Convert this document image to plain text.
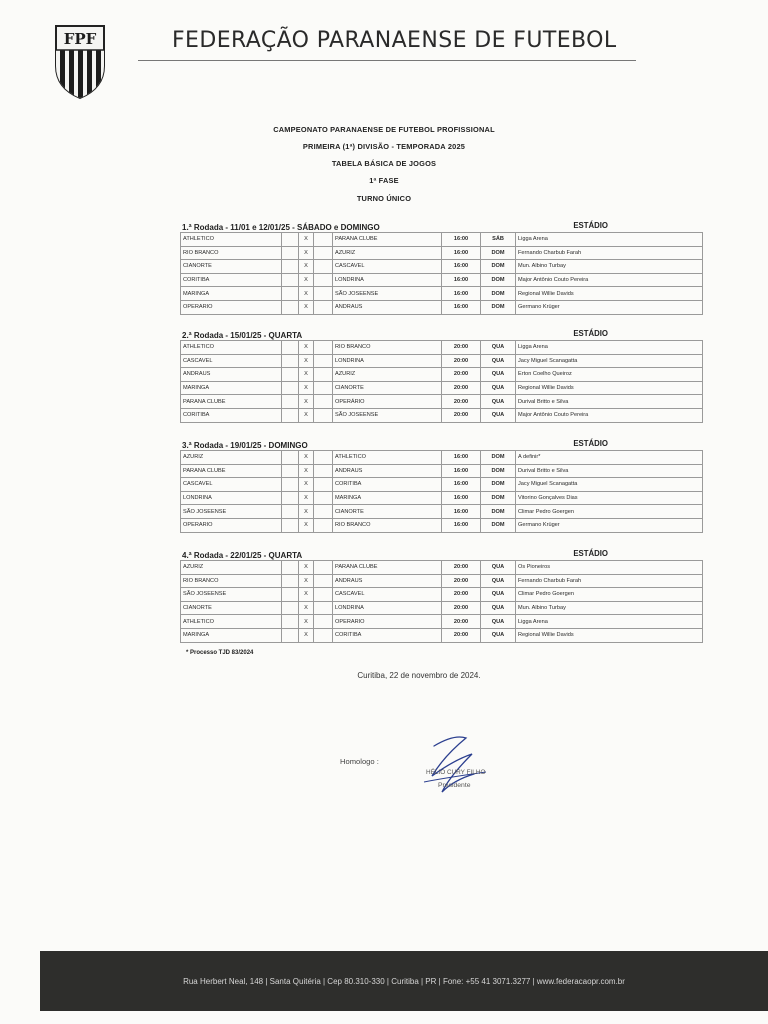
FPF	FEDERAÇÃO PARANAENSE DE FUTEBOL
CAMPEONATO PARANAENSE DE FUTEBOL PROFISSIONAL
PRIMEIRA (1ª) DIVISÃO - TEMPORADA 2025
TABELA BÁSICA DE JOGOS
1ª FASE
TURNO ÚNICO
1.ª Rodada - 11/01 e 12/01/25 - SÁBADO e DOMINGO	ESTÁDIO
ATHLETICO		X		PARANA CLUBE	16:00	SÁB	Ligga Arena
RIO BRANCO		X		AZURIZ	16:00	DOM	Fernando Charbub Farah
CIANORTE		X		CASCAVEL	16:00	DOM	Mun. Albino Turbay
CORITIBA		X		LONDRINA	16:00	DOM	Major Antônio Couto Pereira
MARINGA		X		SÃO JOSEENSE	16:00	DOM	Regional Willie Davids
OPERARIO		X		ANDRAUS	16:00	DOM	Germano Krüger
2.ª Rodada - 15/01/25 - QUARTA	ESTÁDIO
ATHLETICO		X		RIO BRANCO	20:00	QUA	Ligga Arena
CASCAVEL		X		LONDRINA	20:00	QUA	Jacy Miguel Scanagatta
ANDRAUS		X		AZURIZ	20:00	QUA	Erton Coelho Queiroz
MARINGA		X		CIANORTE	20:00	QUA	Regional Willie Davids
PARANA CLUBE		X		OPERÁRIO	20:00	QUA	Durival Britto e Silva
CORITIBA		X		SÃO JOSEENSE	20:00	QUA	Major Antônio Couto Pereira
3.ª Rodada - 19/01/25 - DOMINGO	ESTÁDIO
AZURIZ		X		ATHLETICO	16:00	DOM	A definir*
PARANA CLUBE		X		ANDRAUS	16:00	DOM	Durival Britto e Silva
CASCAVEL		X		CORITIBA	16:00	DOM	Jacy Miguel Scanagatta
LONDRINA		X		MARINGA	16:00	DOM	Vitorino Gonçalves Dias
SÃO JOSEENSE		X		CIANORTE	16:00	DOM	Climar Pedro Goergen
OPERARIO		X		RIO BRANCO	16:00	DOM	Germano Krüger
4.ª Rodada - 22/01/25 - QUARTA	ESTÁDIO
AZURIZ		X		PARANA CLUBE	20:00	QUA	Os Pioneiros
RIO BRANCO		X		ANDRAUS	20:00	QUA	Fernando Charbub Farah
SÃO JOSEENSE		X		CASCAVEL	20:00	QUA	Climar Pedro Goergen
CIANORTE		X		LONDRINA	20:00	QUA	Mun. Albino Turbay
ATHLETICO		X		OPERARIO	20:00	QUA	Ligga Arena
MARINGA		X		CORITIBA	20:00	QUA	Regional Willie Davids
* Processo TJD 83/2024
Curitiba, 22 de novembro de 2024.
Homologo :
HÉLIO CURY FILHO
Presidente
Rua Herbert Neal, 148 | Santa Quitéria | Cep 80.310-330 | Curitiba | PR | Fone: +55 41 3071.3277 | www.federacaopr.com.br
